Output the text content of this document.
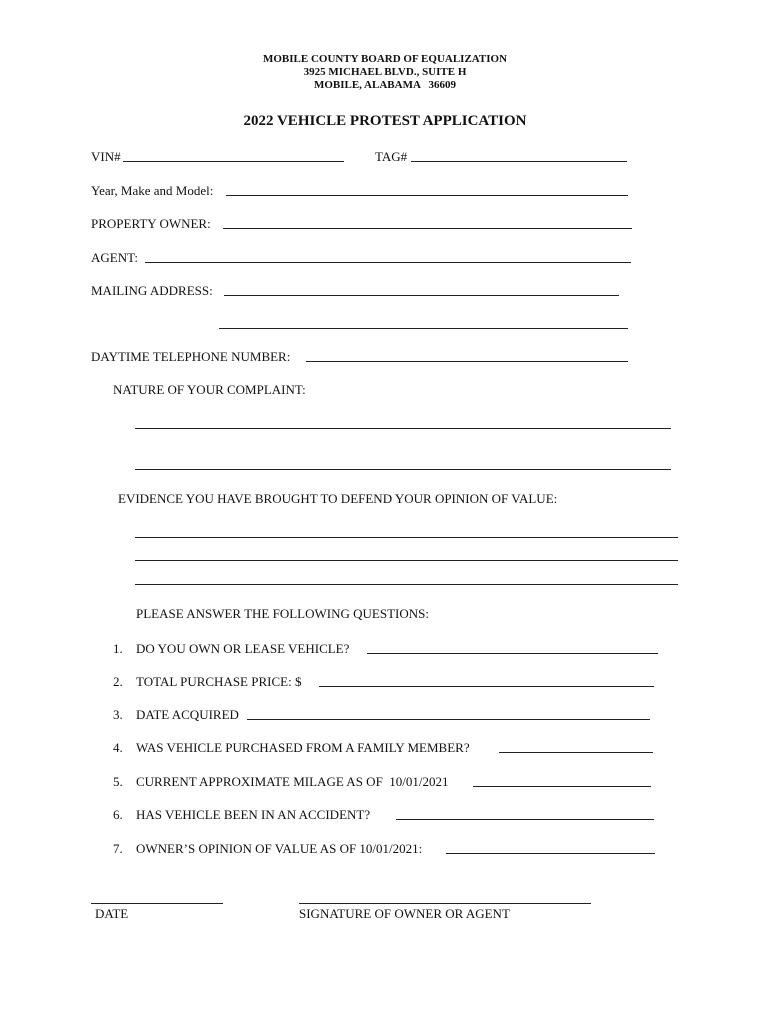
MOBILE COUNTY BOARD OF EQUALIZATION
3925 MICHAEL BLVD., SUITE H
MOBILE, ALABAMA   36609
2022 VEHICLE PROTEST APPLICATION
VIN#	TAG#
Year, Make and Model:
PROPERTY OWNER:
AGENT:
MAILING ADDRESS:
DAYTIME TELEPHONE NUMBER:
NATURE OF YOUR COMPLAINT:
EVIDENCE YOU HAVE BROUGHT TO DEFEND YOUR OPINION OF VALUE:
PLEASE ANSWER THE FOLLOWING QUESTIONS:
1. DO YOU OWN OR LEASE VEHICLE?
2. TOTAL PURCHASE PRICE: $
3. DATE ACQUIRED
4. WAS VEHICLE PURCHASED FROM A FAMILY MEMBER?
5. CURRENT APPROXIMATE MILAGE AS OF  10/01/2021
6. HAS VEHICLE BEEN IN AN ACCIDENT?
7. OWNER’S OPINION OF VALUE AS OF 10/01/2021:
DATE	SIGNATURE OF OWNER OR AGENT
